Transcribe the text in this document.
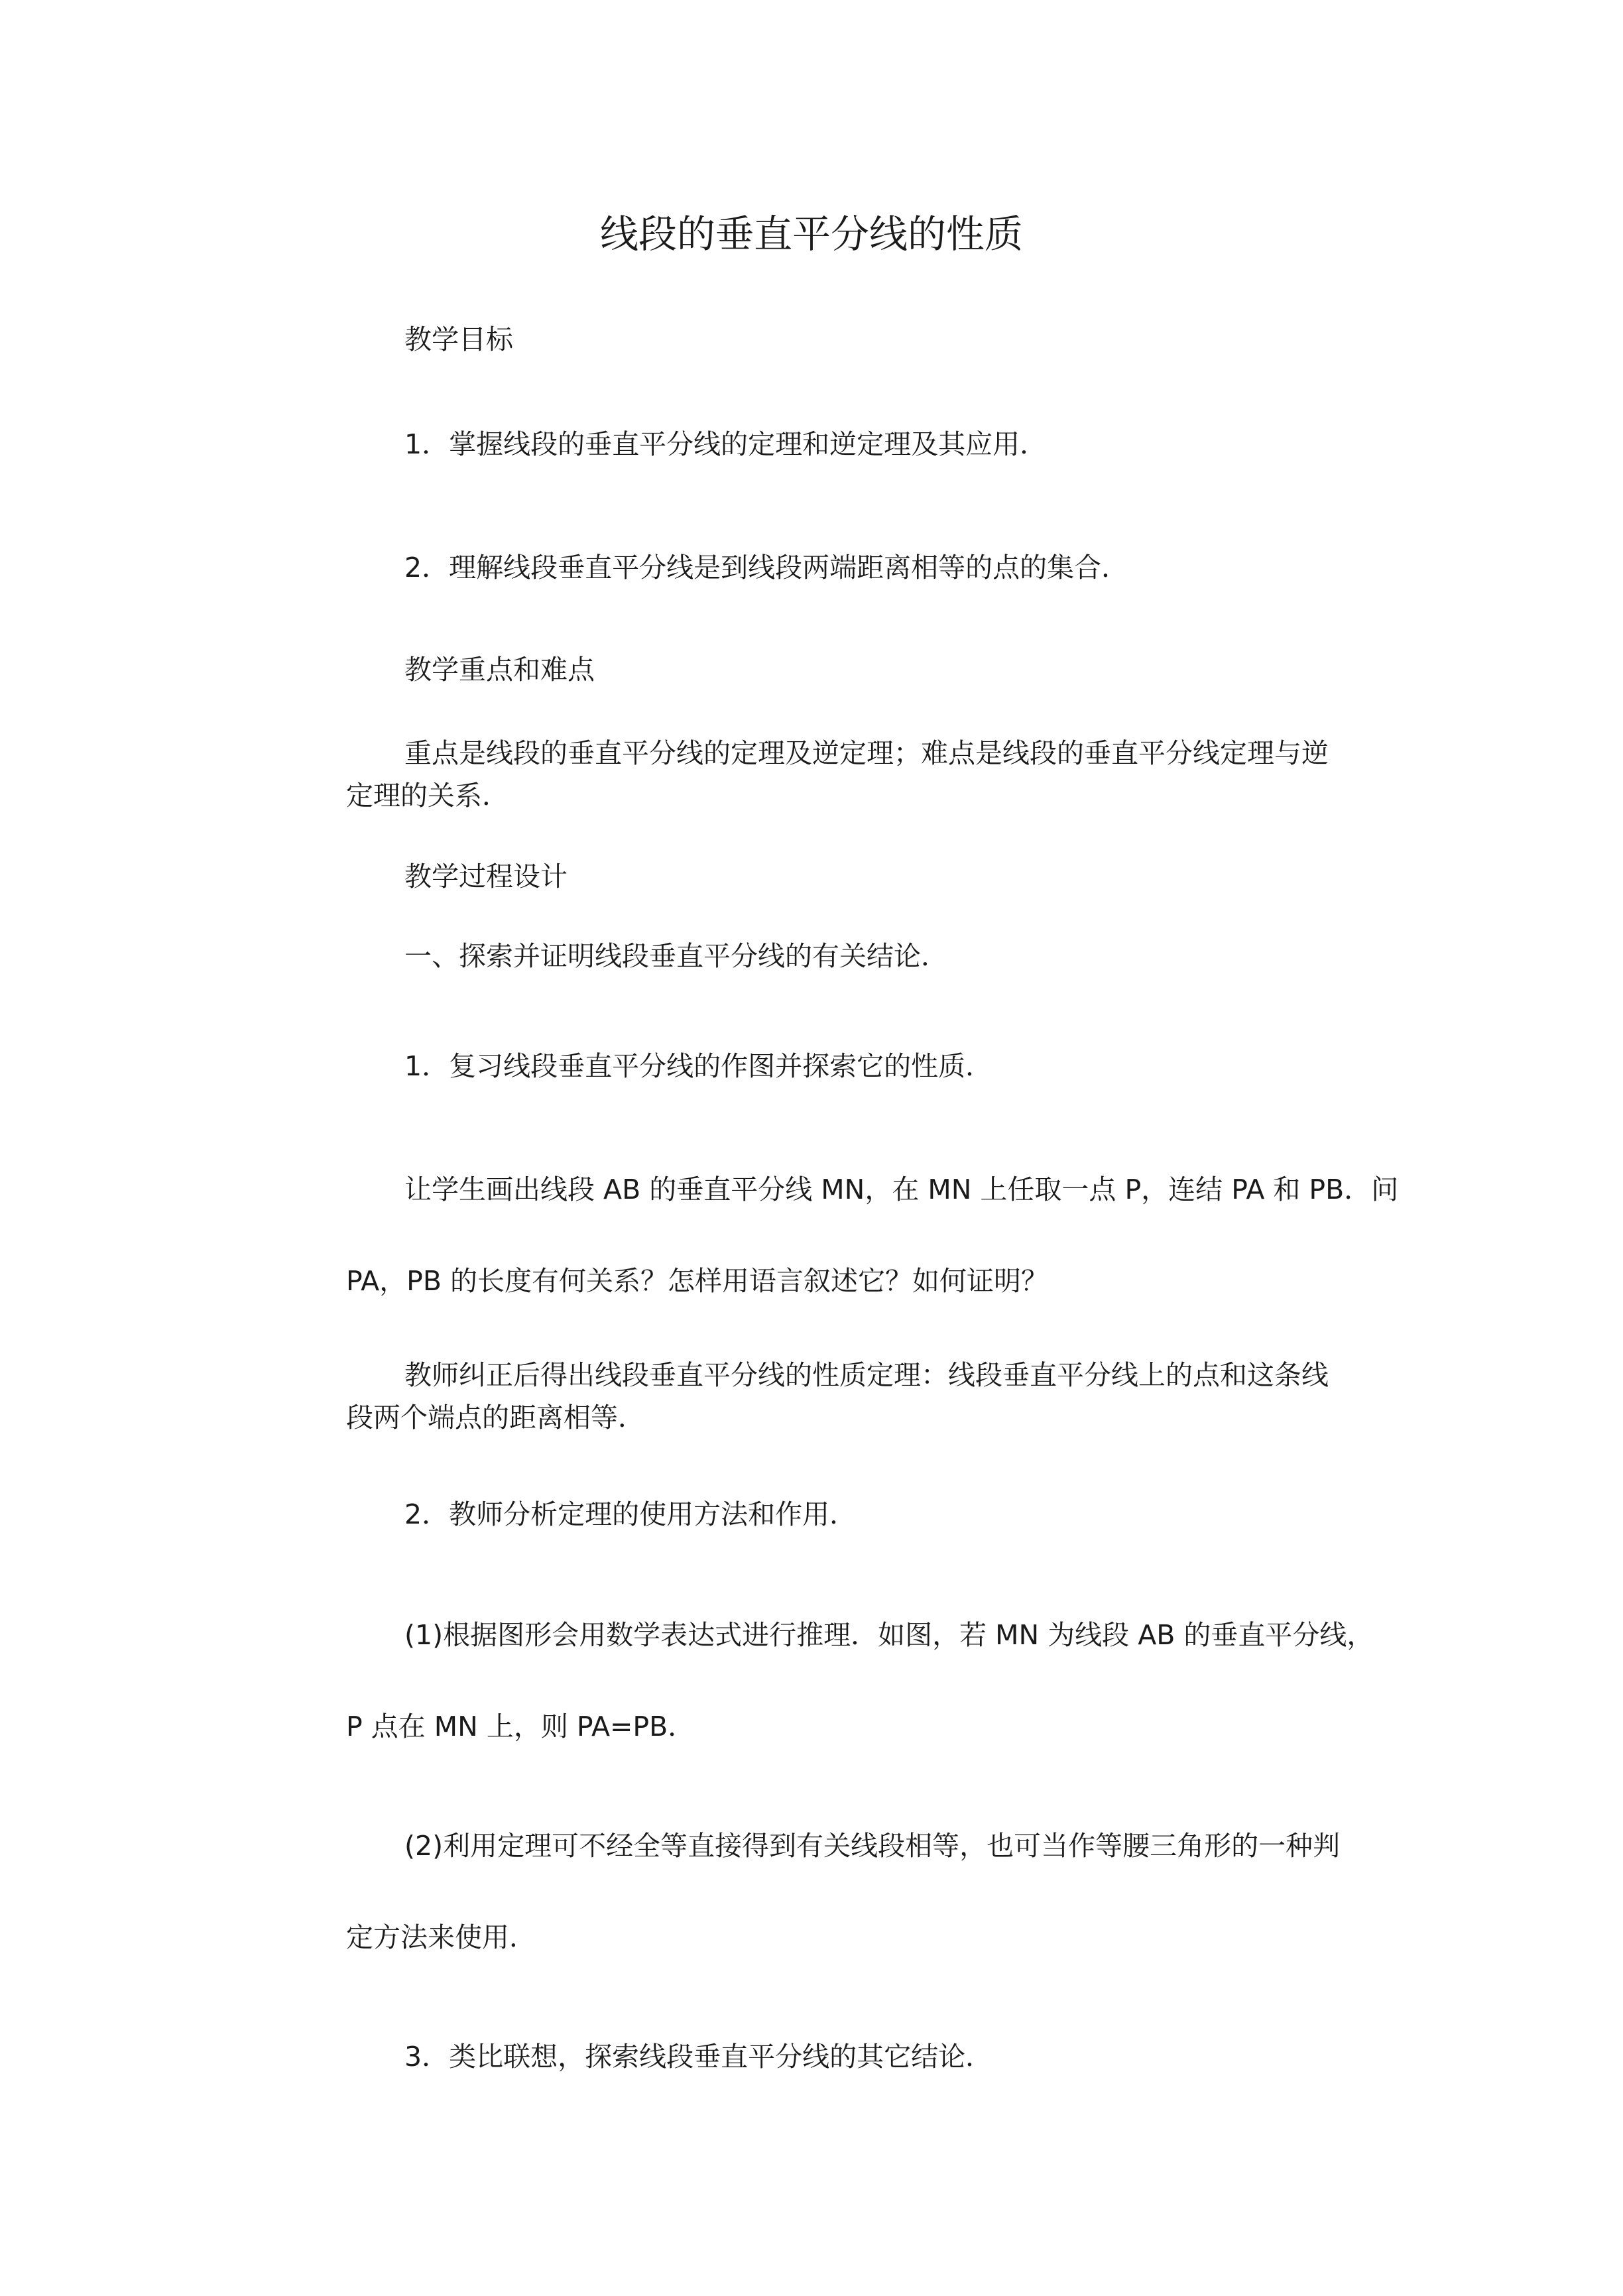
线段的垂直平分线的性质
教学目标
1．掌握线段的垂直平分线的定理和逆定理及其应用．
2．理解线段垂直平分线是到线段两端距离相等的点的集合．
教学重点和难点
重点是线段的垂直平分线的定理及逆定理；难点是线段的垂直平分线定理与逆
定理的关系．
教学过程设计
一、探索并证明线段垂直平分线的有关结论．
1．复习线段垂直平分线的作图并探索它的性质．
让学生画出线段 AB 的垂直平分线 MN，在 MN 上任取一点 P，连结 PA 和 PB．问
PA，PB 的长度有何关系？怎样用语言叙述它？如何证明？
教师纠正后得出线段垂直平分线的性质定理：线段垂直平分线上的点和这条线
段两个端点的距离相等．
2．教师分析定理的使用方法和作用．
(1)根据图形会用数学表达式进行推理．如图，若 MN 为线段 AB 的垂直平分线，
P 点在 MN 上，则 PA=PB．
(2)利用定理可不经全等直接得到有关线段相等，也可当作等腰三角形的一种判
定方法来使用．
3．类比联想，探索线段垂直平分线的其它结论．
